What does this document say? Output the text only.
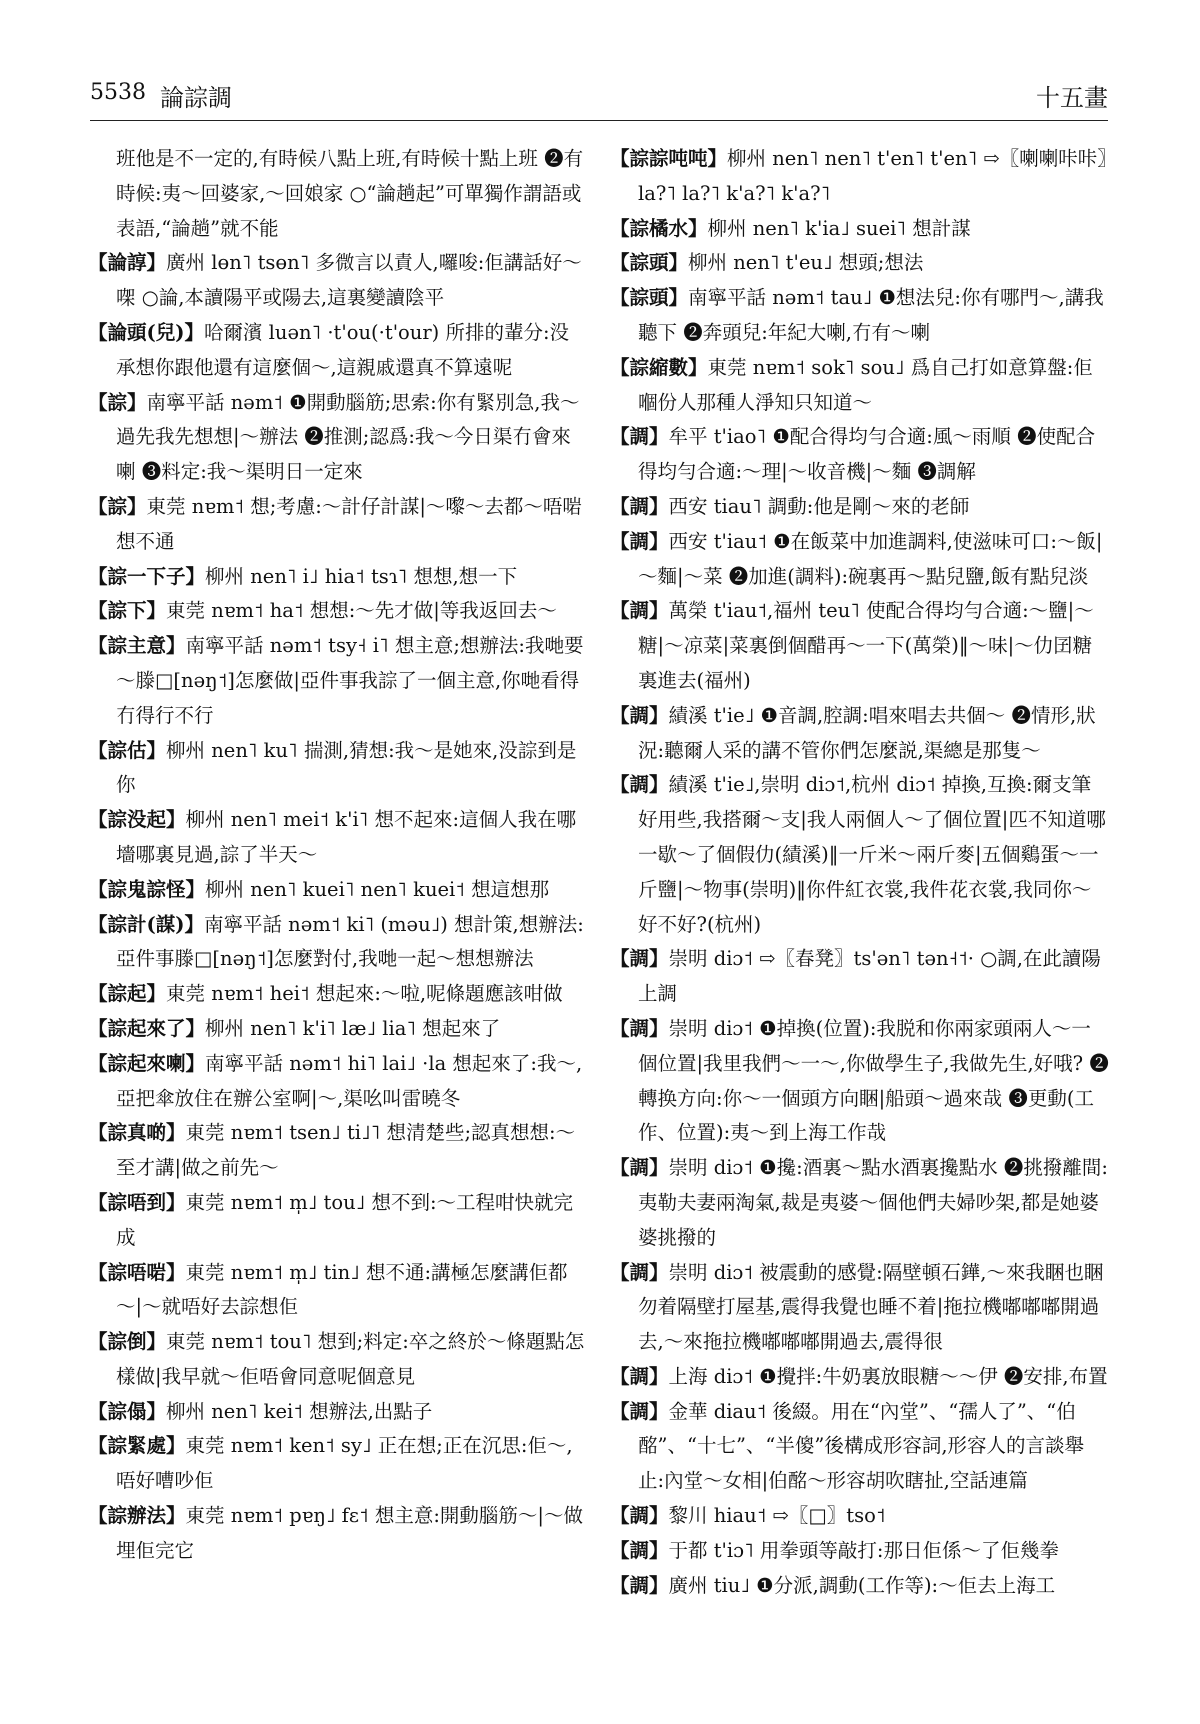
5538 論誴調	十五畫

班他是不一定的,有時候八點上班,有時候十點上班 ❷有時候:夷～回婆家,～回娘家 ○“論趟起”可單獨作謂語或表語,“論趟”就不能

【論諄】廣州 lɵn˥ tsɵn˥ 多微言以責人,囉唆:佢講話好～㗎 ○論,本讀陽平或陽去,這裏變讀陰平

【論頭(兒)】哈爾濱 luən˥ ·t'ou(·t'our) 所排的輩分:没承想你跟他還有這麼個～,這親戚還真不算遠呢

【誴】南寧平話 nəm˦ ❶開動腦筋;思索:你有緊別急,我～過先我先想想|～辦法 ❷推測;認爲:我～今日渠冇會來喇 ❸料定:我～渠明日一定來

【誴】東莞 nɐm˦ 想;考慮:～計仔計謀|～嚟～去都～唔啱想不通

【誴一下子】柳州 nen˥ i˩ hia˦ tsɿ˥ 想想,想一下

【誴下】東莞 nɐm˦ ha˦ 想想:～先才做|等我返回去～

【誴主意】南寧平話 nəm˦ tsy˧ i˥ 想主意;想辦法:我哋要～滕□[nəŋ˦]怎麼做|亞件事我誴了一個主意,你哋看得冇得行不行

【誴估】柳州 nen˥ ku˥ 揣測,猜想:我～是她來,没誴到是你

【誴没起】柳州 nen˥ mei˦ k'i˥ 想不起來:這個人我在哪墻哪裏見過,誴了半天～

【誴鬼誴怪】柳州 nen˥ kuei˥ nen˥ kuei˦ 想這想那

【誴計(謀)】南寧平話 nəm˦ ki˥ (məu˩) 想計策,想辦法:亞件事滕□[nəŋ˦]怎麼對付,我哋一起～想想辦法

【誴起】東莞 nɐm˦ hei˦ 想起來:～啦,呢條題應該咁做

【誴起來了】柳州 nen˥ k'i˥ læ˩ lia˥ 想起來了

【誴起來喇】南寧平話 nəm˦ hi˥ lai˩ ·la 想起來了:我～,亞把傘放住在辦公室啊|～,渠吆叫雷曉冬

【誴真啲】東莞 nɐm˦ tsen˩ ti˩˥ 想清楚些;認真想想:～至才講|做之前先～

【誴唔到】東莞 nɐm˦ m̩˩ tou˩ 想不到:～工程咁快就完成

【誴唔啱】東莞 nɐm˦ m̩˩ tin˩ 想不通:講極怎麼講佢都～|～就唔好去誴想佢

【誴倒】東莞 nɐm˦ tou˥ 想到;料定:卒之終於～條題點怎樣做|我早就～佢唔會同意呢個意見

【誴傝】柳州 nen˥ kei˦ 想辦法,出點子

【誴緊處】東莞 nɐm˦ ken˦ sy˩ 正在想;正在沉思:佢～,唔好嘈吵佢

【誴辦法】東莞 nɐm˦ pɐŋ˩ fɛ˦ 想主意:開動腦筋～|～做埋佢完它

【誴誴吨吨】柳州 nen˥ nen˥ t'en˥ t'en˥ ⇨〖喇喇咔咔〗la?˥ la?˥ k'a?˥ k'a?˥

【誴橘水】柳州 nen˥ k'ia˩ suei˥ 想計謀

【誴頭】柳州 nen˥ t'eu˩ 想頭;想法

【誴頭】南寧平話 nəm˦ tau˩ ❶想法兒:你有哪門～,講我聽下 ❷奔頭兒:年紀大喇,冇有～喇

【誴縮數】東莞 nɐm˦ sok˥ sou˩ 爲自己打如意算盤:佢嗰份人那種人淨知只知道～

【調】牟平 t'iao˥ ❶配合得均勻合適:風～雨順 ❷使配合得均勻合適:～理|～收音機|～麵 ❸調解

【調】西安 tiau˥ 調動:他是剛～來的老師

【調】西安 t'iau˦ ❶在飯菜中加進調料,使滋味可口:～飯|～麵|～菜 ❷加進(調料):碗裏再～點兒鹽,飯有點兒淡

【調】萬榮 t'iau˦,福州 teu˥ 使配合得均勻合適:～鹽|～糖|～凉菜|菜裏倒個醋再～一下(萬榮)‖～味|～仂囝糖裏進去(福州)

【調】績溪 t'ie˩ ❶音調,腔調:唱來唱去共個～ ❷情形,狀況:聽爾人采的講不管你們怎麼説,渠總是那隻～

【調】績溪 t'ie˩,崇明 diɔ˦,杭州 diɔ˦ 掉換,互換:爾支筆好用些,我搭爾～支|我人兩個人～了個位置|匹不知道哪一歇～了個假仂(績溪)‖一斤米～兩斤麥|五個鷄蛋～一斤鹽|～物事(崇明)‖你件紅衣裳,我件花衣裳,我同你～好不好?(杭州)

【調】崇明 diɔ˦ ⇨〖春凳〗ts'ən˥ tən˧˦· ○調,在此讀陽上調

【調】崇明 diɔ˦ ❶掉換(位置):我脱和你兩家頭兩人～一個位置|我里我們～一～,你做學生子,我做先生,好哦? ❷轉换方向:你～一個頭方向睏|船頭～過來哉 ❸更動(工作、位置):夷～到上海工作哉

【調】崇明 diɔ˦ ❶攙:酒裏～點水酒裏攙點水 ❷挑撥離間:夷勒夫妻兩淘氣,裁是夷婆～個他們夫婦吵架,都是她婆婆挑撥的

【調】崇明 diɔ˦ 被震動的感覺:隔壁頓石鏵,～來我睏也睏勿着隔壁打屋基,震得我覺也睡不着|拖拉機嘟嘟嘟開過去,～來拖拉機嘟嘟嘟開過去,震得很

【調】上海 diɔ˦ ❶攪拌:牛奶裏放眼糖～～伊 ❷安排,布置

【調】金華 diau˦ 後綴。用在“內堂”、“孺人了”、“伯酩”、“十七”、“半傻”後構成形容詞,形容人的言談舉止:內堂～女相|伯酩～形容胡吹瞎扯,空話連篇

【調】黎川 hiau˦ ⇨〖□〗tso˦

【調】于都 t'iɔ˥ 用拳頭等敲打:那日佢係～了佢幾拳

【調】廣州 tiu˩ ❶分派,調動(工作等):～佢去上海工
